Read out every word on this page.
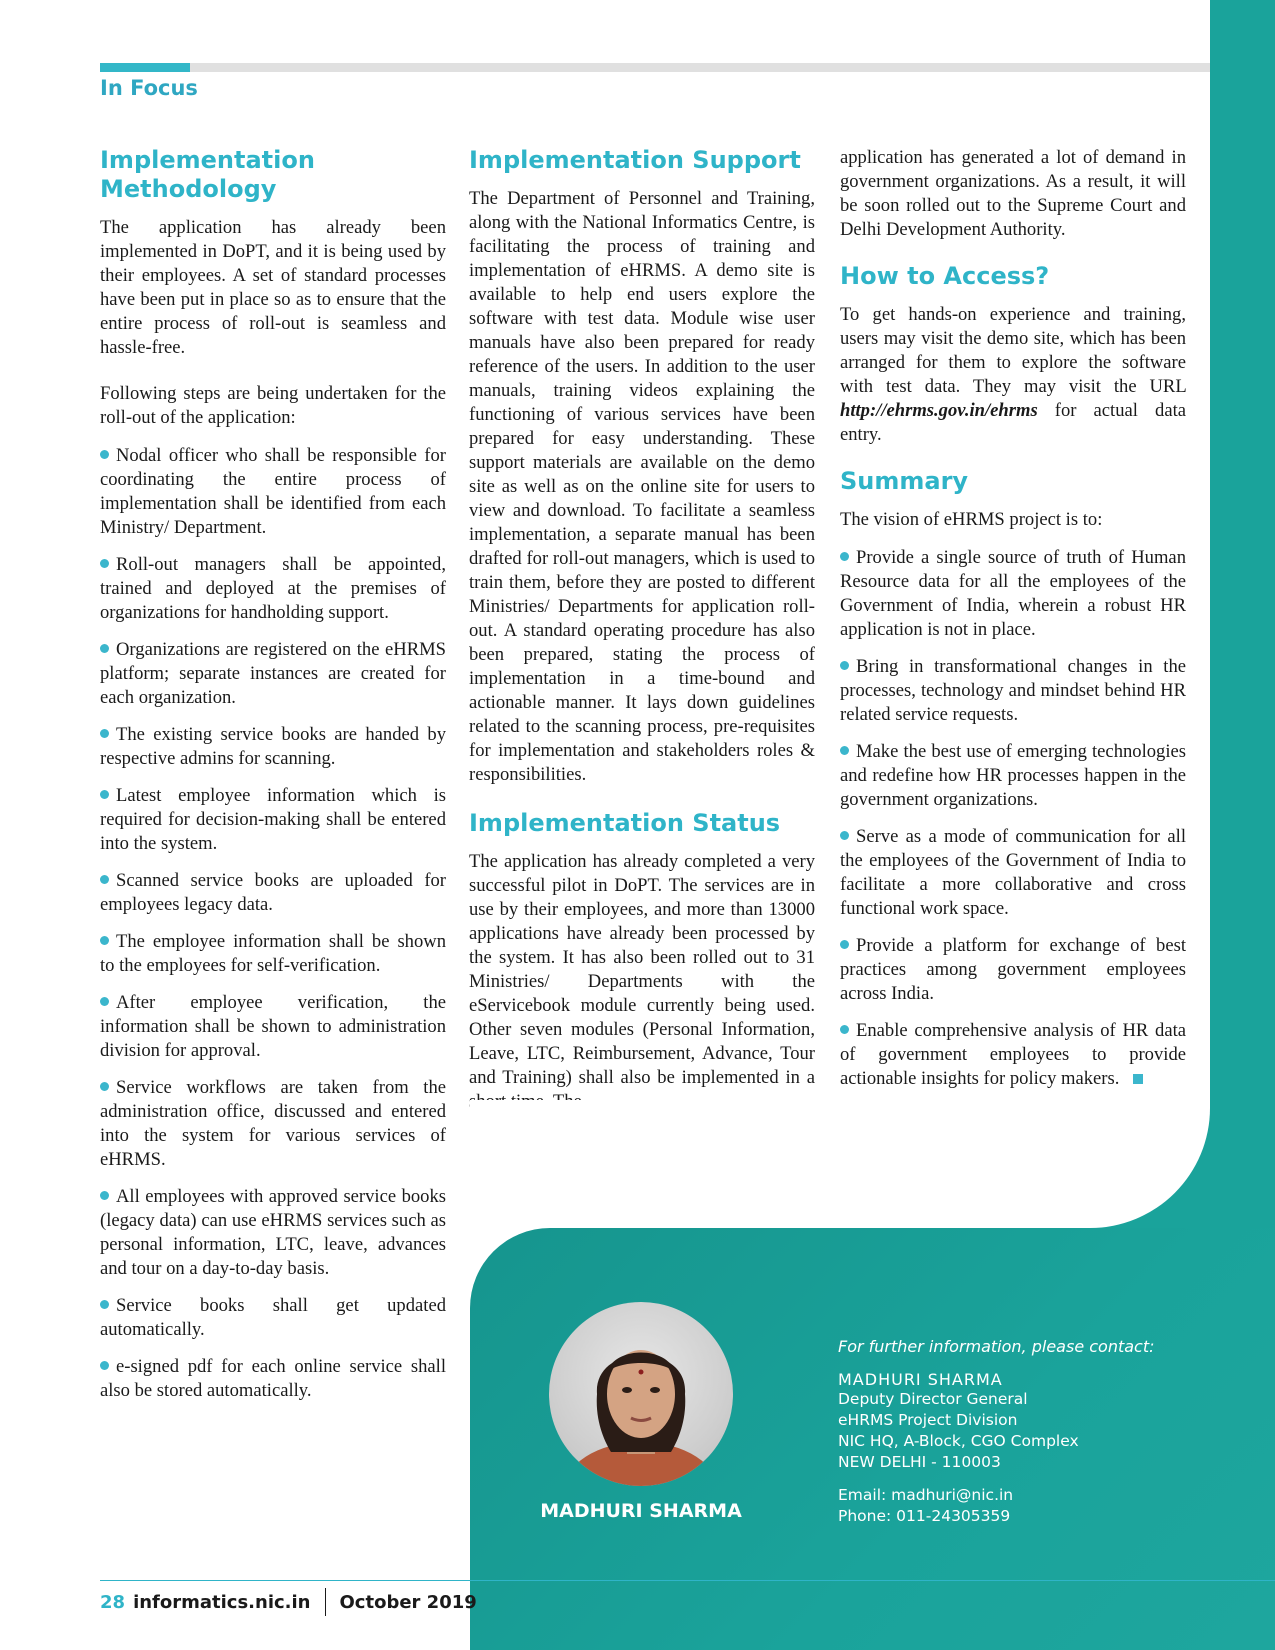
In Focus
Implementation Methodology

The application has already been implemented in DoPT, and it is being used by their employees. A set of standard processes have been put in place so as to ensure that the entire process of roll-out is seamless and hassle-free.

Following steps are being undertaken for the roll-out of the application:

Nodal officer who shall be responsible for coordinating the entire process of implementation shall be identified from each Ministry/ Department.
Roll-out managers shall be appointed, trained and deployed at the premises of organizations for handholding support.
Organizations are registered on the eHRMS platform; separate instances are created for each organization.
The existing service books are handed by respective admins for scanning.
Latest employee information which is required for decision-making shall be entered into the system.
Scanned service books are uploaded for employees legacy data.
The employee information shall be shown to the employees for self-verification.
After employee verification, the information shall be shown to administration division for approval.
Service workflows are taken from the administration office, discussed and entered into the system for various services of eHRMS.
All employees with approved service books (legacy data) can use eHRMS services such as personal information, LTC, leave, advances and tour on a day-to-day basis.
Service books shall get updated automatically.
e-signed pdf for each online service shall also be stored automatically.
Implementation Support

The Department of Personnel and Training, along with the National Informatics Centre, is facilitating the process of training and implementation of eHRMS. A demo site is available to help end users explore the software with test data. Module wise user manuals have also been prepared for ready reference of the users. In addition to the user manuals, training videos explaining the functioning of various services have been prepared for easy understanding. These support materials are available on the demo site as well as on the online site for users to view and download. To facilitate a seamless implementation, a separate manual has been drafted for roll-out managers, which is used to train them, before they are posted to different Ministries/ Departments for application roll-out. A standard operating procedure has also been prepared, stating the process of implementation in a time-bound and actionable manner. It lays down guidelines related to the scanning process, pre-requisites for implementation and stakeholders roles & responsibilities.

Implementation Status

The application has already completed a very successful pilot in DoPT. The services are in use by their employees, and more than 13000 applications have already been processed by the system. It has also been rolled out to 31 Ministries/ Departments with the eServicebook module currently being used. Other seven modules (Personal Information, Leave, LTC, Reimbursement, Advance, Tour and Training) shall also be implemented in a

application has generated a lot of demand in government organizations. As a result, it will be soon rolled out to the Supreme Court and Delhi Development Authority.

How to Access?

To get hands-on experience and training, users may visit the demo site, which has been arranged for them to explore the software with test data. They may visit the URL http://ehrms.gov.in/ehrms for actual data entry.

Summary

The vision of eHRMS project is to:

Provide a single source of truth of Human Resource data for all the employees of the Government of India, wherein a robust HR application is not in place.
Bring in transformational changes in the processes, technology and mindset behind HR related service requests.
Make the best use of emerging technologies and redefine how HR processes happen in the government organizations.
Serve as a mode of communication for all the employees of the Government of India to facilitate a more collaborative and cross functional work space.
Provide a platform for exchange of best practices among government employees across India.
Enable comprehensive analysis of HR data of government employees to provide actionable insights for policy makers.
MADHURI SHARMA

For further information, please contact:

MADHURI SHARMA

Deputy Director General

eHRMS Project Division

NIC HQ, A-Block, CGO Complex

NEW DELHI - 110003

Email: madhuri@nic.in

Phone: 011-24305359

28 informatics.nic.in October 2019
